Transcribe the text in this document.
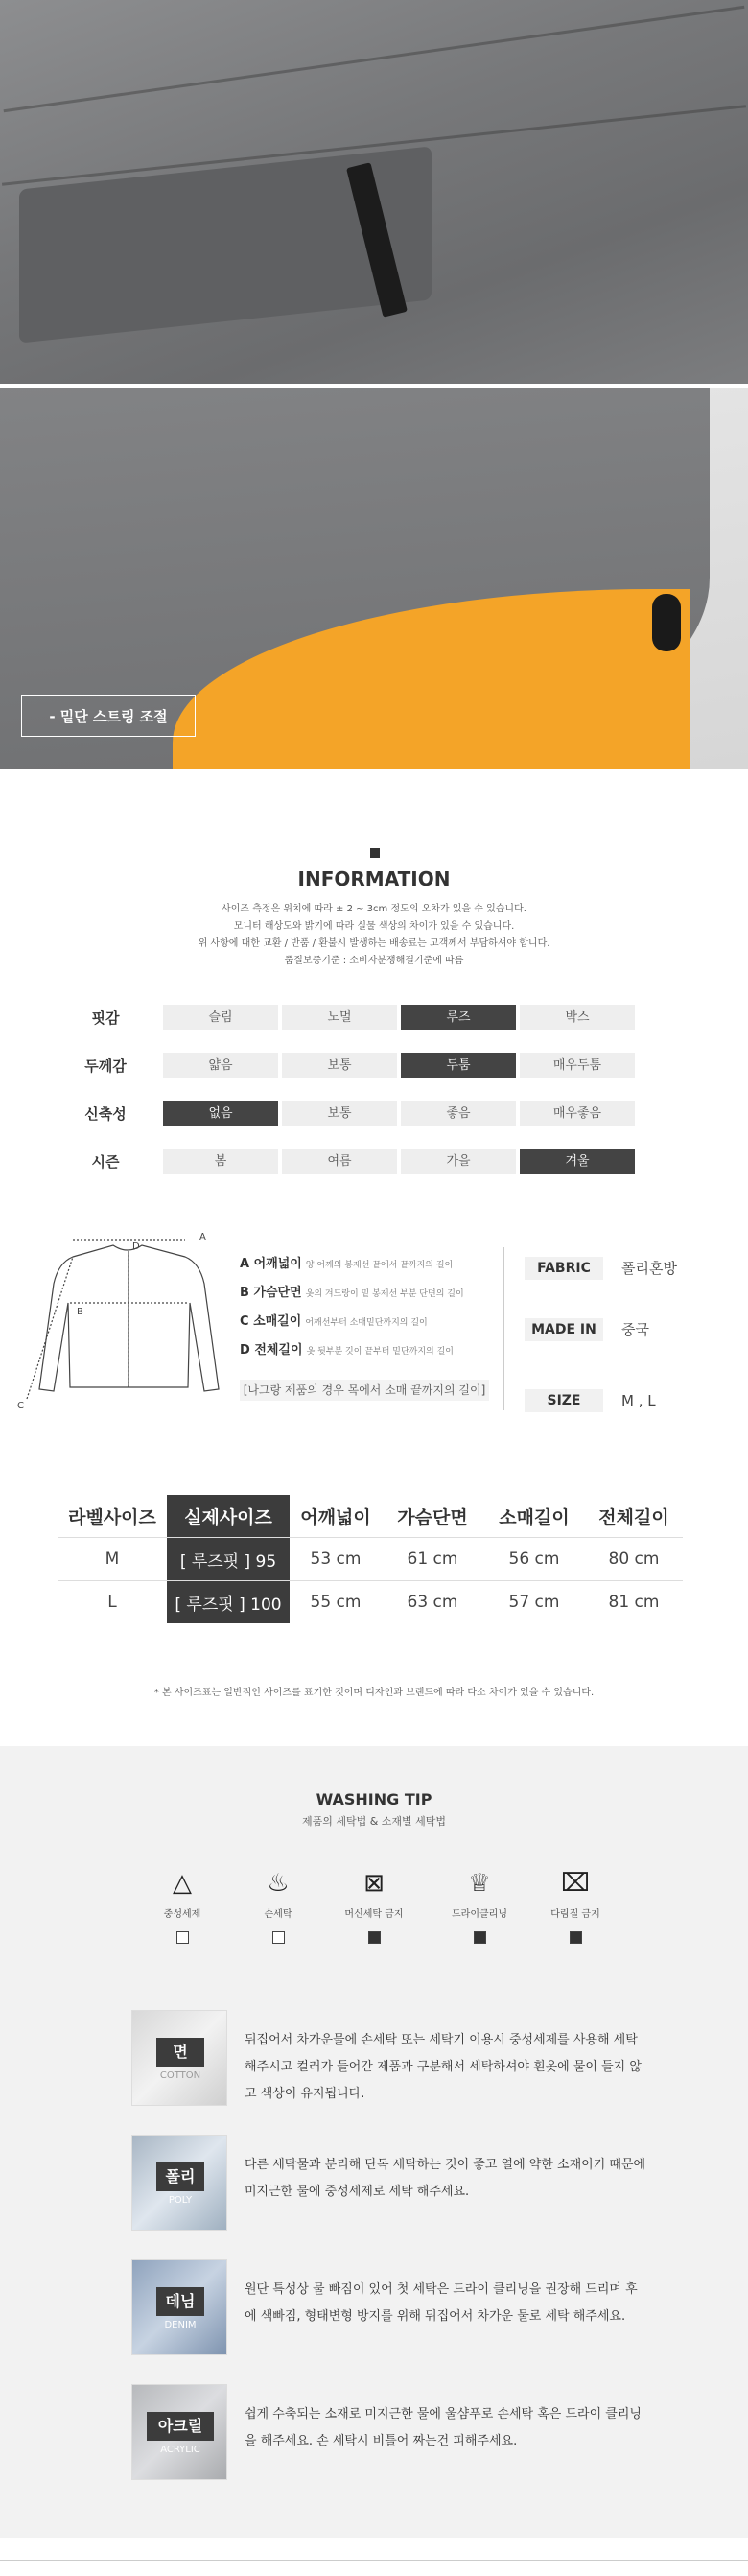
- 밑단 스트링 조절
INFORMATION
사이즈 측정은 위치에 따라 ± 2 ~ 3cm 정도의 오차가 있을 수 있습니다.
모니터 해상도와 밝기에 따라 실물 색상의 차이가 있을 수 있습니다.
위 사항에 대한 교환 / 반품 / 환불시 발생하는 배송료는 고객께서 부담하셔야 합니다.
품질보증기준 : 소비자분쟁해결기준에 따름
핏감	슬림	노멀	루즈	박스
두께감	얇음	보통	두툼	매우두툼
신축성	없음	보통	좋음	매우좋음
시즌	봄	여름	가을	겨울
A
B
C
D
A 어깨넓이 양 어깨의 봉제선 끝에서 끝까지의 길이
B 가슴단면 옷의 겨드랑이 밑 봉제선 부분 단면의 길이
C 소매길이 어깨선부터 소매밑단까지의 길이
D 전체길이 옷 뒷부분 깃이 끝부터 밑단까지의 길이
[나그랑 제품의 경우 목에서 소매 끝까지의 길이]
FABRIC	폴리혼방
MADE IN	중국
SIZE	M , L
라벨사이즈	실제사이즈	어깨넓이	가슴단면	소매길이	전체길이
M	[ 루즈핏 ] 95	53 cm	61 cm	56 cm	80 cm
L	[ 루즈핏 ] 100	55 cm	63 cm	57 cm	81 cm
* 본 사이즈표는 일반적인 사이즈를 표기한 것이며 디자인과 브랜드에 따라 다소 차이가 있을 수 있습니다.
WASHING TIP
제품의 세탁법 & 소재별 세탁법
△
중성세제
♨
손세탁
⊠
머신세탁 금지
♕
드라이클리닝
⌧
다림질 금지
면
COTTON
뒤집어서 차가운물에 손세탁 또는 세탁기 이용시 중성세제를 사용해 세탁해주시고 컬러가 들어간 제품과 구분해서 세탁하셔야 흰옷에 물이 들지 않고 색상이 유지됩니다.
폴리
POLY
다른 세탁물과 분리해 단독 세탁하는 것이 좋고 열에 약한 소재이기 때문에 미지근한 물에 중성세제로 세탁 해주세요.
데님
DENIM
원단 특성상 물 빠짐이 있어 첫 세탁은 드라이 클리닝을 권장해 드리며 후에 색빠짐, 형태변형 방지를 위해 뒤집어서 차가운 물로 세탁 해주세요.
아크릴
ACRYLIC
쉽게 수축되는 소재로 미지근한 물에 울샴푸로 손세탁 혹은 드라이 클리닝을 해주세요. 손 세탁시 비틀어 짜는건 피해주세요.
